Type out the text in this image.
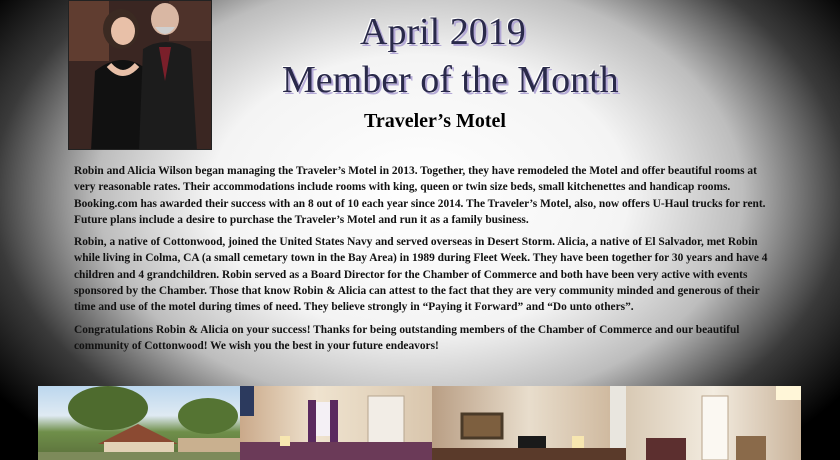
April 2019
Member of the Month
Traveler’s Motel

Robin and Alicia Wilson began managing the Traveler’s Motel in 2013. Together, they have remodeled the Motel and offer beautiful rooms at very reasonable rates. Their accommodations include rooms with king, queen or twin size beds, small kitchenettes and handicap rooms. Booking.com has awarded their success with an 8 out of 10 each year since 2014. The Traveler’s Motel, also, now offers U-Haul trucks for rent. Future plans include a desire to purchase the Traveler’s Motel and run it as a family business.

Robin, a native of Cottonwood, joined the United States Navy and served overseas in Desert Storm. Alicia, a native of El Salvador, met Robin while living in Colma, CA (a small cemetary town in the Bay Area) in 1989 during Fleet Week. They have been together for 30 years and have 4 children and 4 grandchildren. Robin served as a Board Director for the Chamber of Commerce and both have been very active with events sponsored by the Chamber. Those that know Robin & Alicia can attest to the fact that they are very community minded and generous of their time and use of the motel during times of need. They believe strongly in “Paying it Forward” and “Do unto others”.

Congratulations Robin & Alicia on your success! Thanks for being outstanding members of the Chamber of Commerce and our beautiful community of Cottonwood! We wish you the best in your future endeavors!
